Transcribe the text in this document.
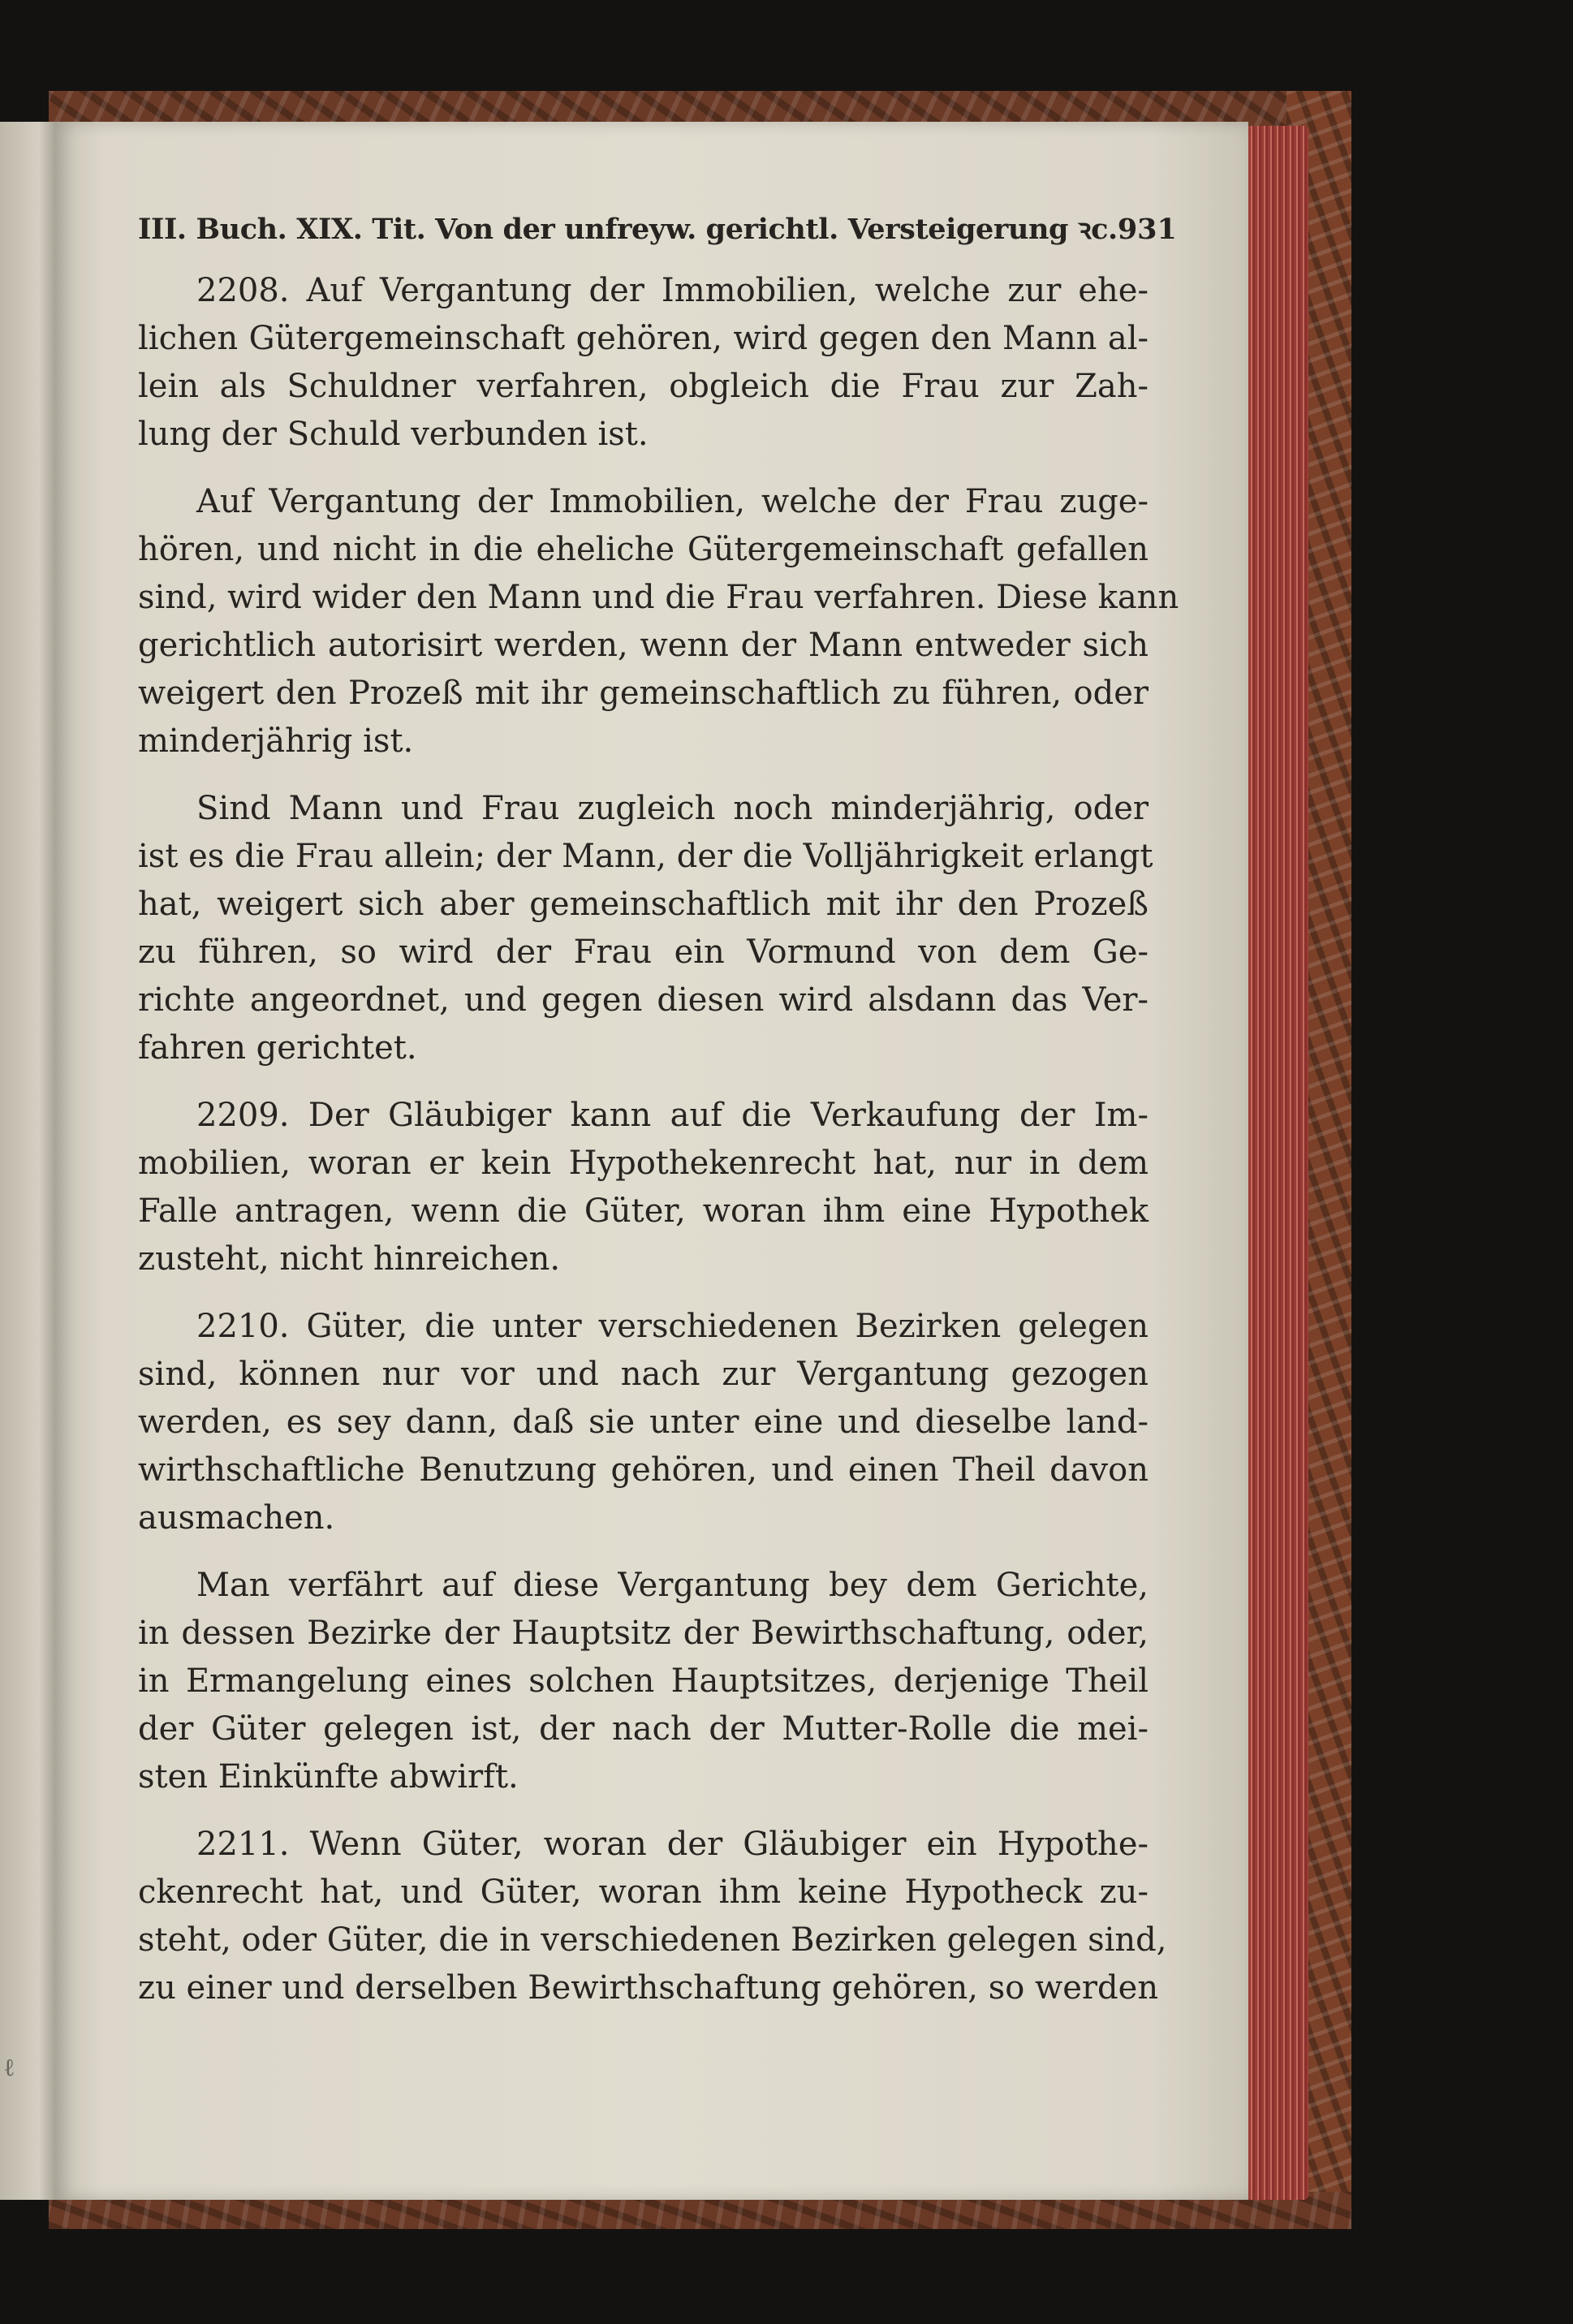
ℓ
III. Buch. XIX. Tit. Von der unfreyw. gerichtl. Versteigerung ꝛc. 931
2208. Auf Vergantung der Immobilien, welche zur ehe-
lichen Gütergemeinschaft gehören, wird gegen den Mann al-
lein als Schuldner verfahren, obgleich die Frau zur Zah-
lung der Schuld verbunden ist.
Auf Vergantung der Immobilien, welche der Frau zuge-
hören, und nicht in die eheliche Gütergemeinschaft gefallen
sind, wird wider den Mann und die Frau verfahren. Diese kann
gerichtlich autorisirt werden, wenn der Mann entweder sich
weigert den Prozeß mit ihr gemeinschaftlich zu führen, oder
minderjährig ist.
Sind Mann und Frau zugleich noch minderjährig, oder
ist es die Frau allein; der Mann, der die Volljährigkeit erlangt
hat, weigert sich aber gemeinschaftlich mit ihr den Prozeß
zu führen, so wird der Frau ein Vormund von dem Ge-
richte angeordnet, und gegen diesen wird alsdann das Ver-
fahren gerichtet.
2209. Der Gläubiger kann auf die Verkaufung der Im-
mobilien, woran er kein Hypothekenrecht hat, nur in dem
Falle antragen, wenn die Güter, woran ihm eine Hypothek
zusteht, nicht hinreichen.
2210. Güter, die unter verschiedenen Bezirken gelegen
sind, können nur vor und nach zur Vergantung gezogen
werden, es sey dann, daß sie unter eine und dieselbe land-
wirthschaftliche Benutzung gehören, und einen Theil davon
ausmachen.
Man verfährt auf diese Vergantung bey dem Gerichte,
in dessen Bezirke der Hauptsitz der Bewirthschaftung, oder,
in Ermangelung eines solchen Hauptsitzes, derjenige Theil
der Güter gelegen ist, der nach der Mutter-Rolle die mei-
sten Einkünfte abwirft.
2211. Wenn Güter, woran der Gläubiger ein Hypothe-
ckenrecht hat, und Güter, woran ihm keine Hypotheck zu-
steht, oder Güter, die in verschiedenen Bezirken gelegen sind,
zu einer und derselben Bewirthschaftung gehören, so werden
